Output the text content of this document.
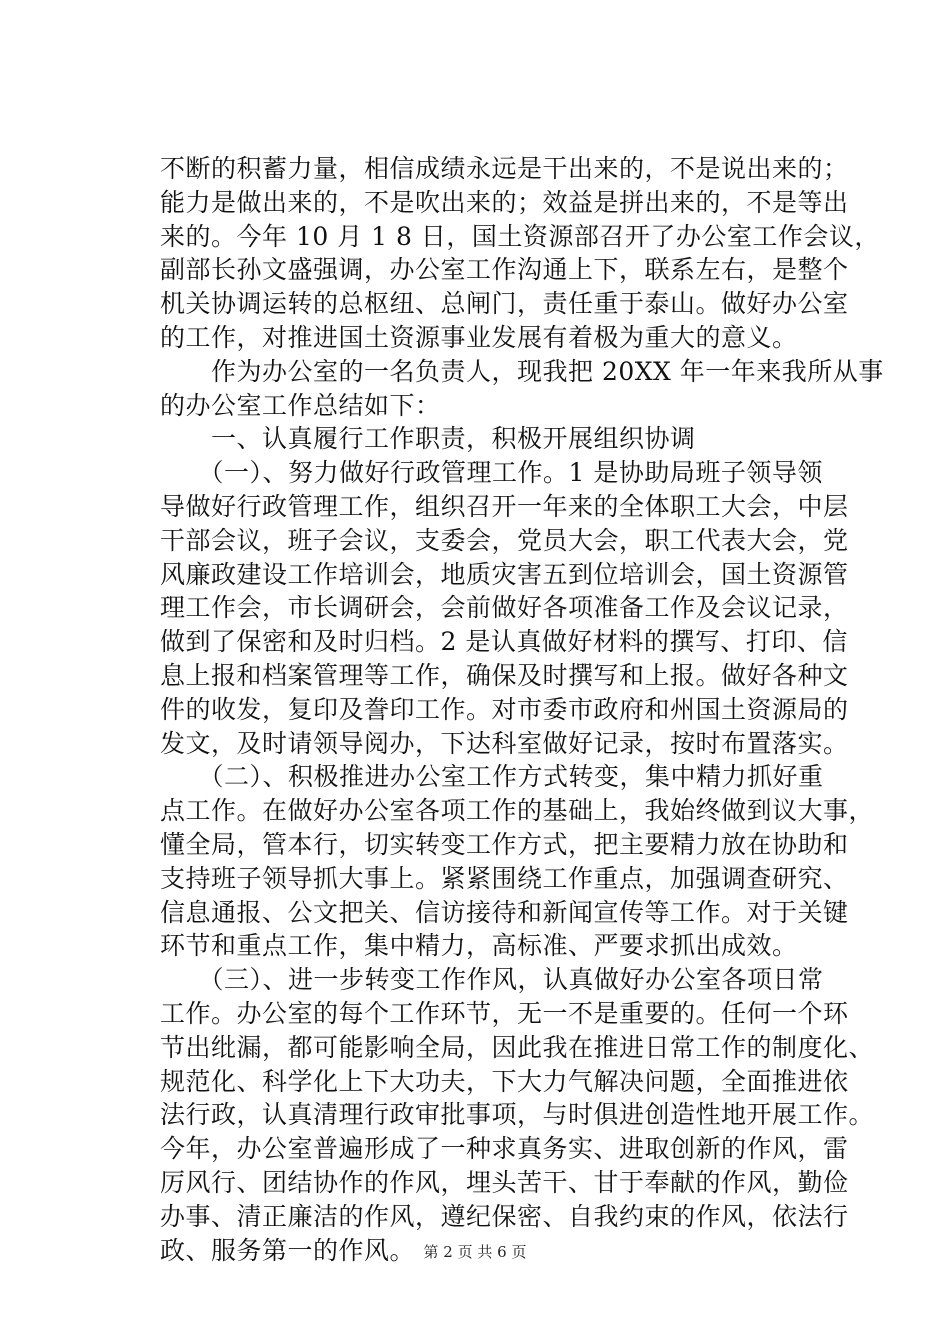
不断的积蓄力量，相信成绩永远是干出来的，不是说出来的；
能力是做出来的，不是吹出来的；效益是拼出来的，不是等出
来的。今年 10 月 1 8 日，国土资源部召开了办公室工作会议，
副部长孙文盛强调，办公室工作沟通上下，联系左右，是整个
机关协调运转的总枢纽、总闸门，责任重于泰山。做好办公室
的工作，对推进国土资源事业发展有着极为重大的意义。
　　作为办公室的一名负责人，现我把 20XX 年一年来我所从事
的办公室工作总结如下：
　　一、认真履行工作职责，积极开展组织协调
　　（一）、努力做好行政管理工作。1 是协助局班子领导领
导做好行政管理工作，组织召开一年来的全体职工大会，中层
干部会议，班子会议，支委会，党员大会，职工代表大会，党
风廉政建设工作培训会，地质灾害五到位培训会，国土资源管
理工作会，市长调研会，会前做好各项准备工作及会议记录，
做到了保密和及时归档。2 是认真做好材料的撰写、打印、信
息上报和档案管理等工作，确保及时撰写和上报。做好各种文
件的收发，复印及誊印工作。对市委市政府和州国土资源局的
发文，及时请领导阅办，下达科室做好记录，按时布置落实。
　　（二）、积极推进办公室工作方式转变，集中精力抓好重
点工作。在做好办公室各项工作的基础上，我始终做到议大事，
懂全局，管本行，切实转变工作方式，把主要精力放在协助和
支持班子领导抓大事上。紧紧围绕工作重点，加强调查研究、
信息通报、公文把关、信访接待和新闻宣传等工作。对于关键
环节和重点工作，集中精力，高标准、严要求抓出成效。
　　（三）、进一步转变工作作风，认真做好办公室各项日常
工作。办公室的每个工作环节，无一不是重要的。任何一个环
节出纰漏，都可能影响全局，因此我在推进日常工作的制度化、
规范化、科学化上下大功夫，下大力气解决问题，全面推进依
法行政，认真清理行政审批事项，与时俱进创造性地开展工作。
今年，办公室普遍形成了一种求真务实、进取创新的作风，雷
厉风行、团结协作的作风，埋头苦干、甘于奉献的作风，勤俭
办事、清正廉洁的作风，遵纪保密、自我约束的作风，依法行
政、服务第一的作风。 第 2 页 共 6 页
